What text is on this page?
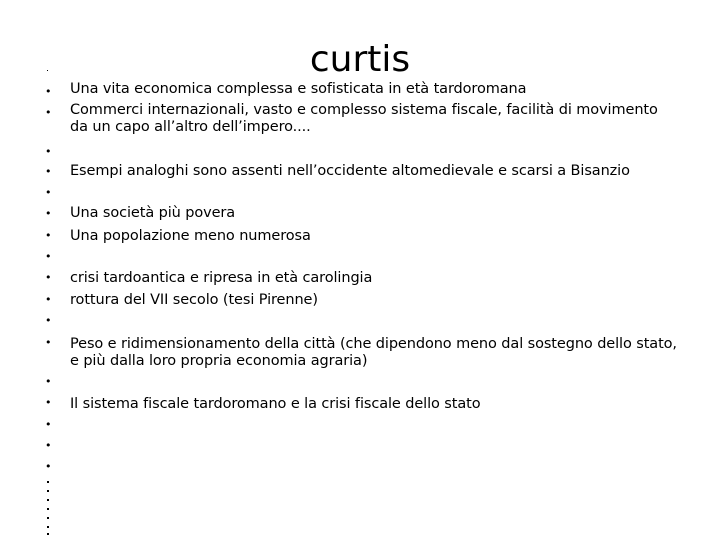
curtis
•
•
•
•
•
•
•
•
•
•
•
•
•
•
•
•
•
Una vita economica complessa e sofisticata in età tardoromana
Commerci internazionali, vasto e complesso sistema fiscale, facilità di movimento da un capo all’altro dell’impero....
Esempi analoghi sono assenti nell’occidente altomedievale e scarsi a Bisanzio
Una società più povera
Una popolazione meno numerosa
crisi tardoantica e ripresa in età carolingia
rottura del VII secolo (tesi Pirenne)
Peso e ridimensionamento della città (che dipendono meno dal sostegno dello stato, e più dalla loro propria economia agraria)
Il sistema fiscale tardoromano e la crisi fiscale dello stato
